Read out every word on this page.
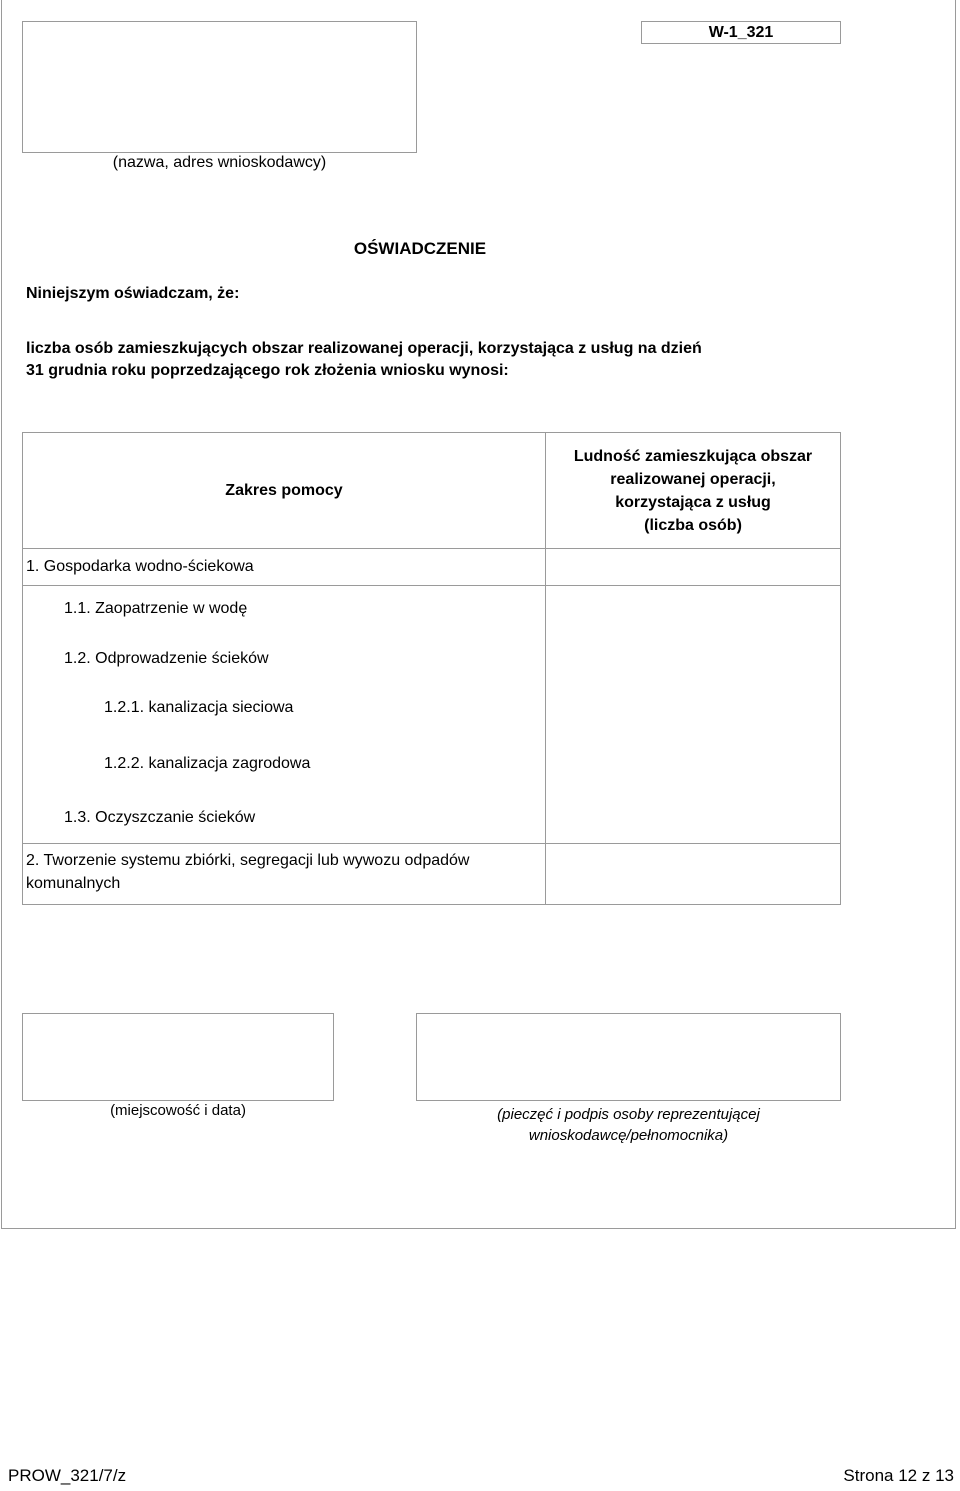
W-1_321
(nazwa, adres wnioskodawcy)
OŚWIADCZENIE
Niniejszym oświadczam, że:
liczba osób zamieszkujących obszar realizowanej operacji, korzystająca z usług na dzień
31 grudnia roku poprzedzającego rok złożenia wniosku wynosi:
Zakres pomocy
Ludność zamieszkująca obszar
realizowanej operacji,
korzystająca z usług
(liczba osób)
1. Gospodarka wodno-ściekowa
1.1. Zaopatrzenie w wodę
1.2. Odprowadzenie ścieków
1.2.1. kanalizacja sieciowa
1.2.2. kanalizacja zagrodowa
1.3. Oczyszczanie ścieków
2. Tworzenie systemu zbiórki, segregacji lub wywozu odpadów
komunalnych
(miejscowość i data)	(pieczęć i podpis osoby reprezentującej
wnioskodawcę/pełnomocnika)
PROW_321/7/z	Strona 12 z 13
